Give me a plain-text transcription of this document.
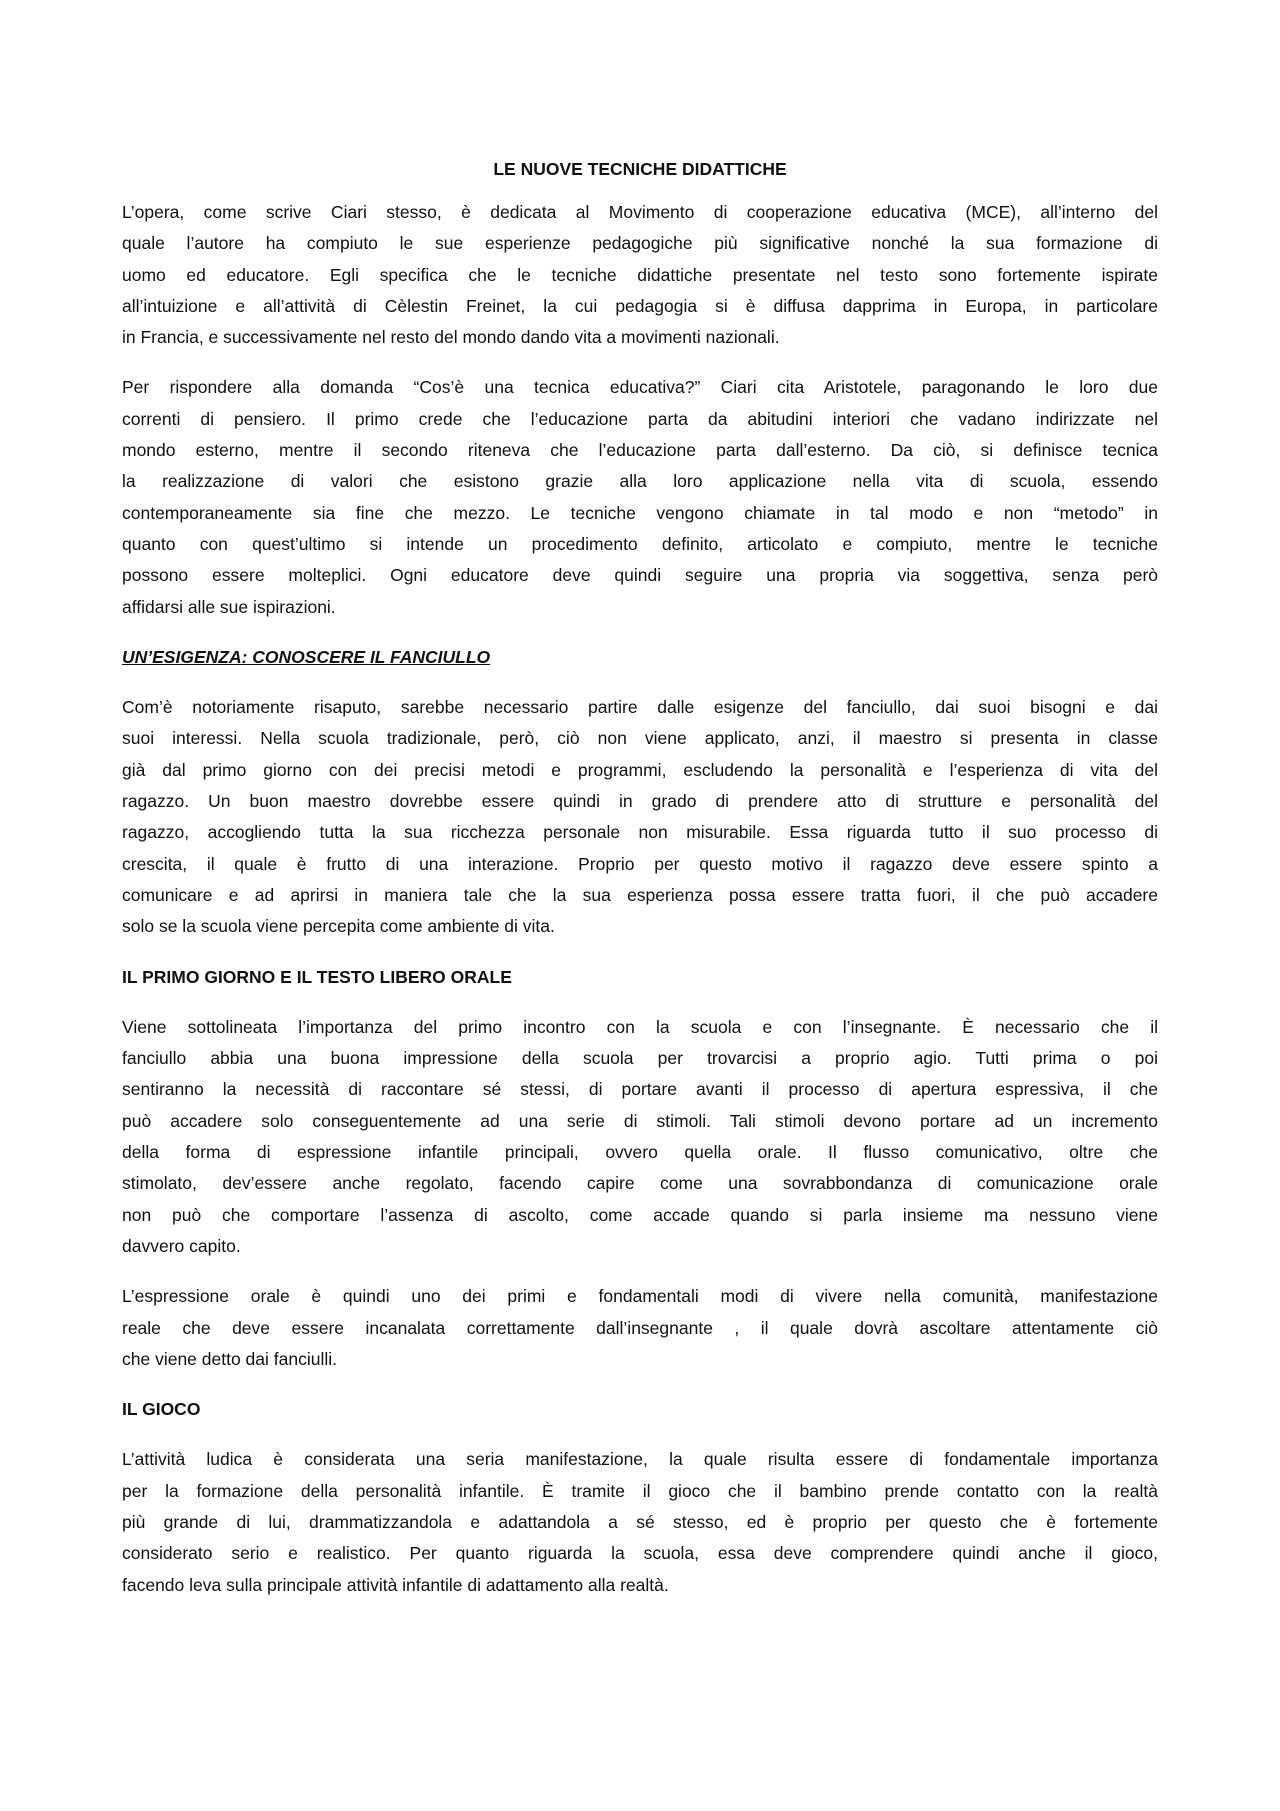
LE NUOVE TECNICHE DIDATTICHE
L’opera, come scrive Ciari stesso, è dedicata al Movimento di cooperazione educativa (MCE), all’interno del
quale l’autore ha compiuto le sue esperienze pedagogiche più significative nonché la sua formazione di
uomo ed educatore. Egli specifica che le tecniche didattiche presentate nel testo sono fortemente ispirate
all’intuizione e all’attività di Cèlestin Freinet, la cui pedagogia si è diffusa dapprima in Europa, in particolare
in Francia, e successivamente nel resto del mondo dando vita a movimenti nazionali.
Per rispondere alla domanda “Cos’è una tecnica educativa?” Ciari cita Aristotele, paragonando le loro due
correnti di pensiero. Il primo crede che l’educazione parta da abitudini interiori che vadano indirizzate nel
mondo esterno, mentre il secondo riteneva che l’educazione parta dall’esterno. Da ciò, si definisce tecnica
la realizzazione di valori che esistono grazie alla loro applicazione nella vita di scuola, essendo
contemporaneamente sia fine che mezzo. Le tecniche vengono chiamate in tal modo e non “metodo” in
quanto con quest’ultimo si intende un procedimento definito, articolato e compiuto, mentre le tecniche
possono essere molteplici. Ogni educatore deve quindi seguire una propria via soggettiva, senza però
affidarsi alle sue ispirazioni.
UN’ESIGENZA: CONOSCERE IL FANCIULLO
Com’è notoriamente risaputo, sarebbe necessario partire dalle esigenze del fanciullo, dai suoi bisogni e dai
suoi interessi. Nella scuola tradizionale, però, ciò non viene applicato, anzi, il maestro si presenta in classe
già dal primo giorno con dei precisi metodi e programmi, escludendo la personalità e l’esperienza di vita del
ragazzo. Un buon maestro dovrebbe essere quindi in grado di prendere atto di strutture e personalità del
ragazzo, accogliendo tutta la sua ricchezza personale non misurabile. Essa riguarda tutto il suo processo di
crescita, il quale è frutto di una interazione. Proprio per questo motivo il ragazzo deve essere spinto a
comunicare e ad aprirsi in maniera tale che la sua esperienza possa essere tratta fuori, il che può accadere
solo se la scuola viene percepita come ambiente di vita.
IL PRIMO GIORNO E IL TESTO LIBERO ORALE
Viene sottolineata l’importanza del primo incontro con la scuola e con l’insegnante. È necessario che il
fanciullo abbia una buona impressione della scuola per trovarcisi a proprio agio. Tutti prima o poi
sentiranno la necessità di raccontare sé stessi, di portare avanti il processo di apertura espressiva, il che
può accadere solo conseguentemente ad una serie di stimoli. Tali stimoli devono portare ad un incremento
della forma di espressione infantile principali, ovvero quella orale. Il flusso comunicativo, oltre che
stimolato, dev’essere anche regolato, facendo capire come una sovrabbondanza di comunicazione orale
non può che comportare l’assenza di ascolto, come accade quando si parla insieme ma nessuno viene
davvero capito.
L’espressione orale è quindi uno dei primi e fondamentali modi di vivere nella comunità, manifestazione
reale che deve essere incanalata correttamente dall’insegnante , il quale dovrà ascoltare attentamente ciò
che viene detto dai fanciulli.
IL GIOCO
L’attività ludica è considerata una seria manifestazione, la quale risulta essere di fondamentale importanza
per la formazione della personalità infantile. È tramite il gioco che il bambino prende contatto con la realtà
più grande di lui, drammatizzandola e adattandola a sé stesso, ed è proprio per questo che è fortemente
considerato serio e realistico. Per quanto riguarda la scuola, essa deve comprendere quindi anche il gioco,
facendo leva sulla principale attività infantile di adattamento alla realtà.
